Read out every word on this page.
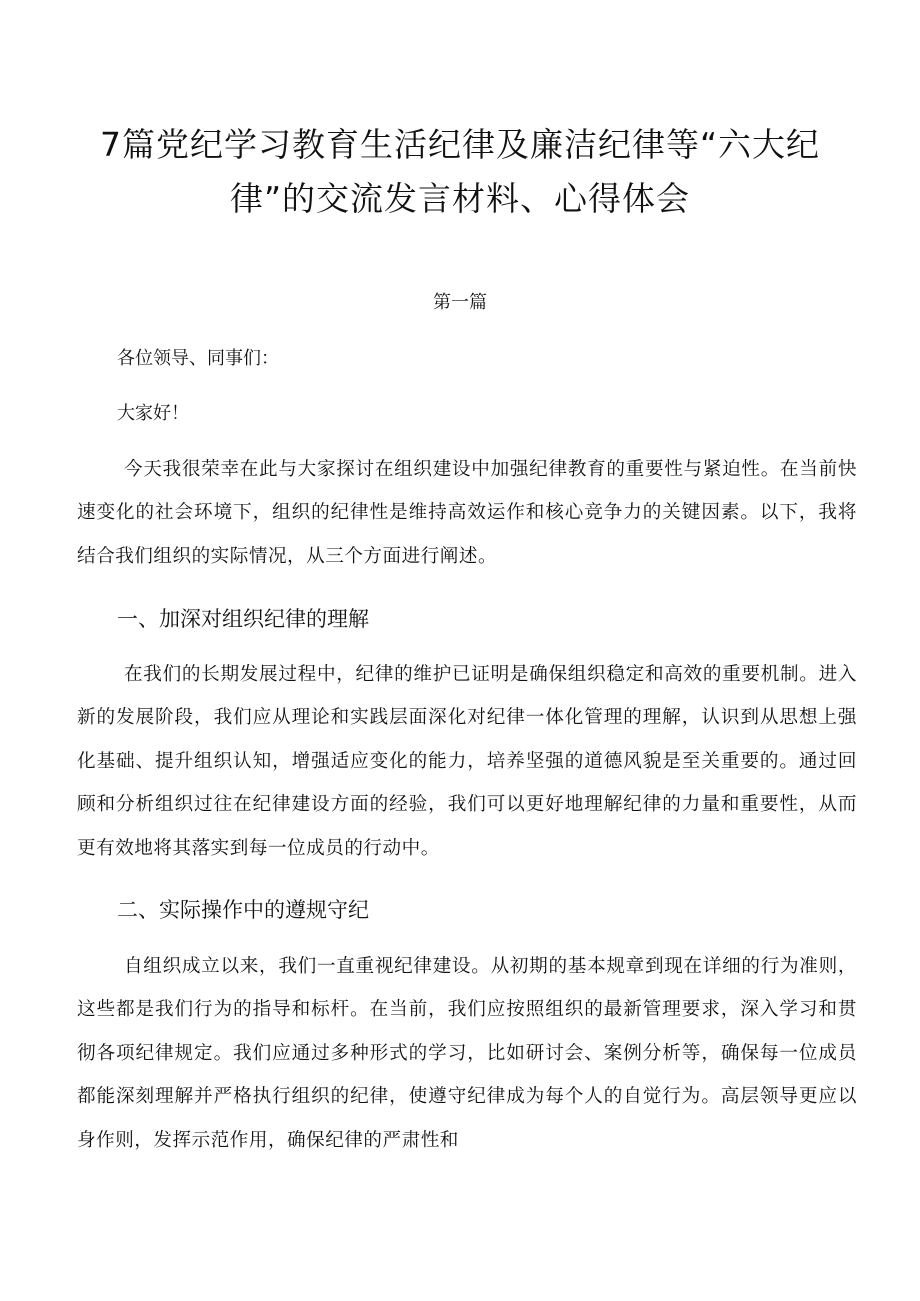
7篇党纪学习教育生活纪律及廉洁纪律等“六大纪律”的交流发言材料、心得体会

第一篇

各位领导、同事们：

大家好！

今天我很荣幸在此与大家探讨在组织建设中加强纪律教育的重要性与紧迫性。在当前快速变化的社会环境下，组织的纪律性是维持高效运作和核心竞争力的关键因素。以下，我将结合我们组织的实际情况，从三个方面进行阐述。

一、加深对组织纪律的理解

在我们的长期发展过程中，纪律的维护已证明是确保组织稳定和高效的重要机制。进入新的发展阶段，我们应从理论和实践层面深化对纪律一体化管理的理解，认识到从思想上强化基础、提升组织认知，增强适应变化的能力，培养坚强的道德风貌是至关重要的。通过回顾和分析组织过往在纪律建设方面的经验，我们可以更好地理解纪律的力量和重要性，从而更有效地将其落实到每一位成员的行动中。

二、实际操作中的遵规守纪

自组织成立以来，我们一直重视纪律建设。从初期的基本规章到现在详细的行为准则，这些都是我们行为的指导和标杆。在当前，我们应按照组织的最新管理要求，深入学习和贯彻各项纪律规定。我们应通过多种形式的学习，比如研讨会、案例分析等，确保每一位成员都能深刻理解并严格执行组织的纪律，使遵守纪律成为每个人的自觉行为。高层领导更应以身作则，发挥示范作用，确保纪律的严肃性和
